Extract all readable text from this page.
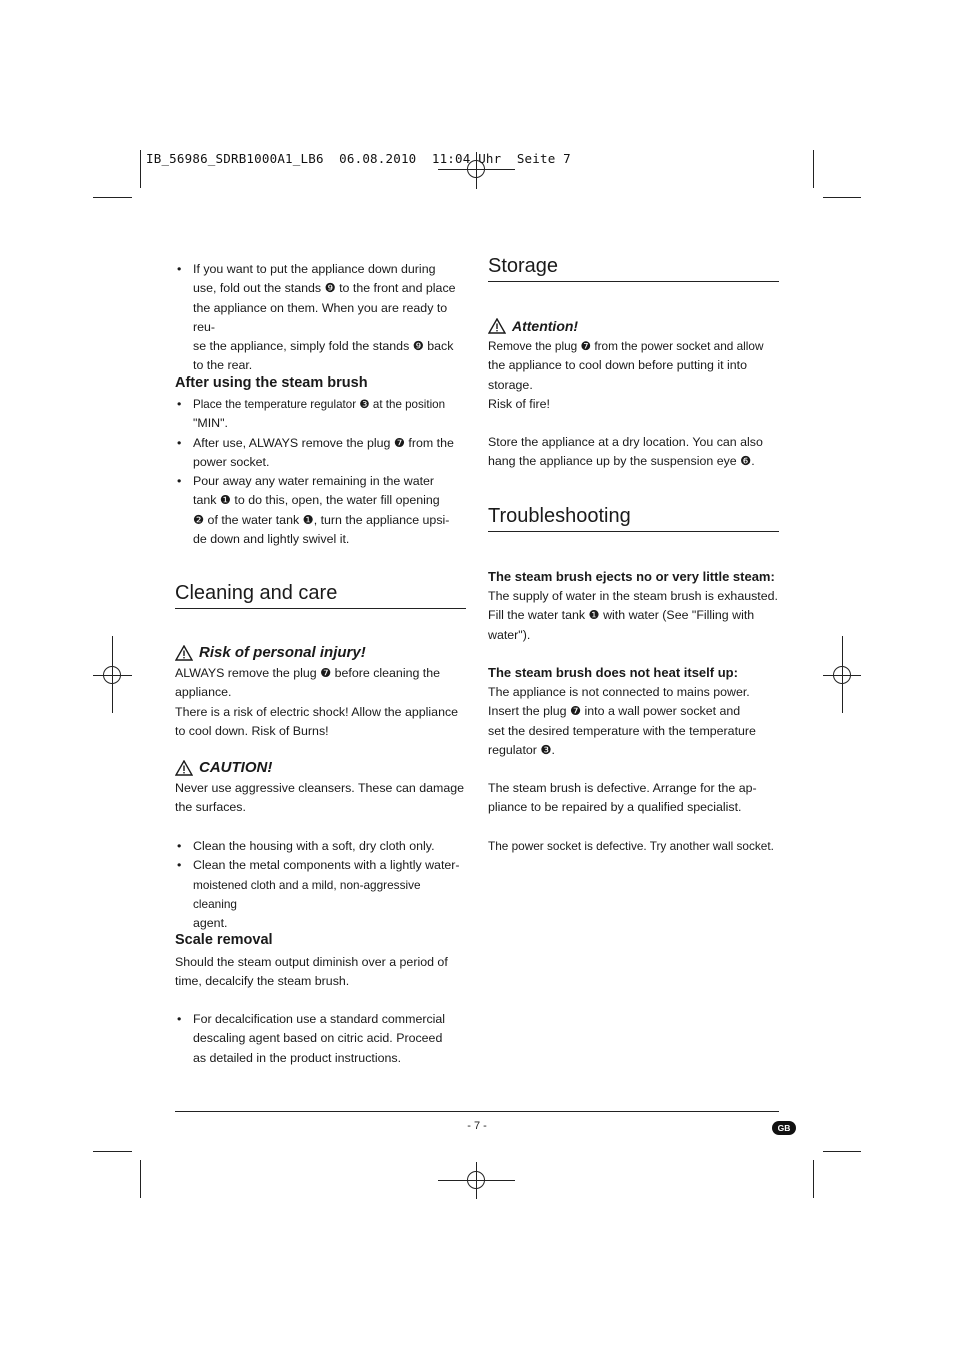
IB_56986_SDRB1000A1_LB6  06.08.2010  11:04 Uhr  Seite 7
• If you want to put the appliance down during
use, fold out the stands ❾ to the front and place
the appliance on them. When you are ready to reu-
se the appliance, simply fold the stands ❾ back
to the rear.
After using the steam brush
• Place the temperature regulator ❸ at the position
"MIN".
• After use, ALWAYS remove the plug ❼ from the
power socket.
• Pour away any water remaining in the water
tank ❶ to do this, open, the water fill opening
❷ of the water tank ❶, turn the appliance upsi-
de down and lightly swivel it.
Cleaning and care
Risk of personal injury!
ALWAYS remove the plug ❼ before cleaning the
appliance.
There is a risk of electric shock! Allow the appliance
to cool down. Risk of Burns!
CAUTION!
Never use aggressive cleansers. These can damage
the surfaces.
• Clean the housing with a soft, dry cloth only.
• Clean the metal components with a lightly water-
moistened cloth and a mild, non-aggressive cleaning
agent.
Scale removal
Should the steam output diminish over a period of
time, decalcify the steam brush.
• For decalcification use a standard commercial
descaling agent based on citric acid. Proceed
as detailed in the product instructions.
Storage
Attention!
Remove the plug ❼ from the power socket and allow
the appliance to cool down before putting it into
storage.
Risk of fire!
Store the appliance at a dry location. You can also
hang the appliance up by the suspension eye ❻.
Troubleshooting
The steam brush ejects no or very little steam:
The supply of water in the steam brush is exhausted.
Fill the water tank ❶ with water (See "Filling with
water").
The steam brush does not heat itself up:
The appliance is not connected to mains power.
Insert the plug ❼ into a wall power socket and
set the desired temperature with the temperature
regulator ❸.
The steam brush is defective. Arrange for the ap-
pliance to be repaired by a qualified specialist.
The power socket is defective. Try another wall socket.
- 7 -	GB
